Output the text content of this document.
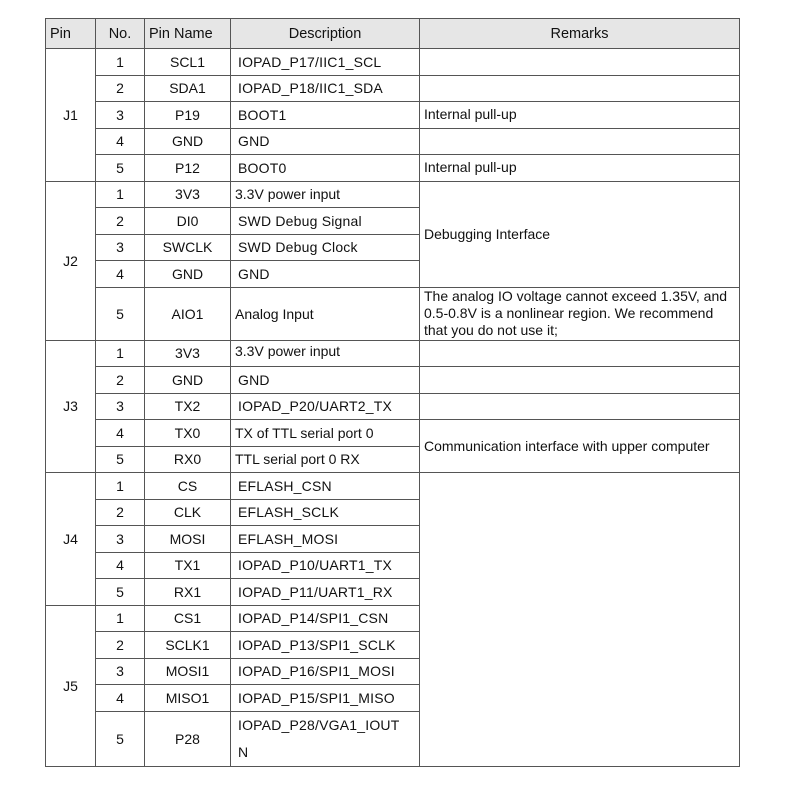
Pin	No.	Pin Name	Description	Remarks
J1	1	SCL1	IOPAD_P17/IIC1_SCL	
	2	SDA1	IOPAD_P18/IIC1_SDA	
	3	P19	BOOT1	Internal pull-up
	4	GND	GND	
	5	P12	BOOT0	Internal pull-up
J2	1	3V3	3.3V power input	Debugging Interface
	2	DI0	SWD Debug Signal	
	3	SWCLK	SWD Debug Clock	
	4	GND	GND	
	5	AIO1	Analog Input	The analog IO voltage cannot exceed 1.35V, and 0.5-0.8V is a nonlinear region. We recommend that you do not use it;
J3	1	3V3	3.3V power input	
	2	GND	GND	
	3	TX2	IOPAD_P20/UART2_TX	
	4	TX0	TX of TTL serial port 0	Communication interface with upper computer
	5	RX0	TTL serial port 0 RX	
J4	1	CS	EFLASH_CSN	
	2	CLK	EFLASH_SCLK	
	3	MOSI	EFLASH_MOSI	
	4	TX1	IOPAD_P10/UART1_TX	
	5	RX1	IOPAD_P11/UART1_RX	
J5	1	CS1	IOPAD_P14/SPI1_CSN	
	2	SCLK1	IOPAD_P13/SPI1_SCLK	
	3	MOSI1	IOPAD_P16/SPI1_MOSI	
	4	MISO1	IOPAD_P15/SPI1_MISO	
	5	P28	IOPAD_P28/VGA1_IOUT
N	
